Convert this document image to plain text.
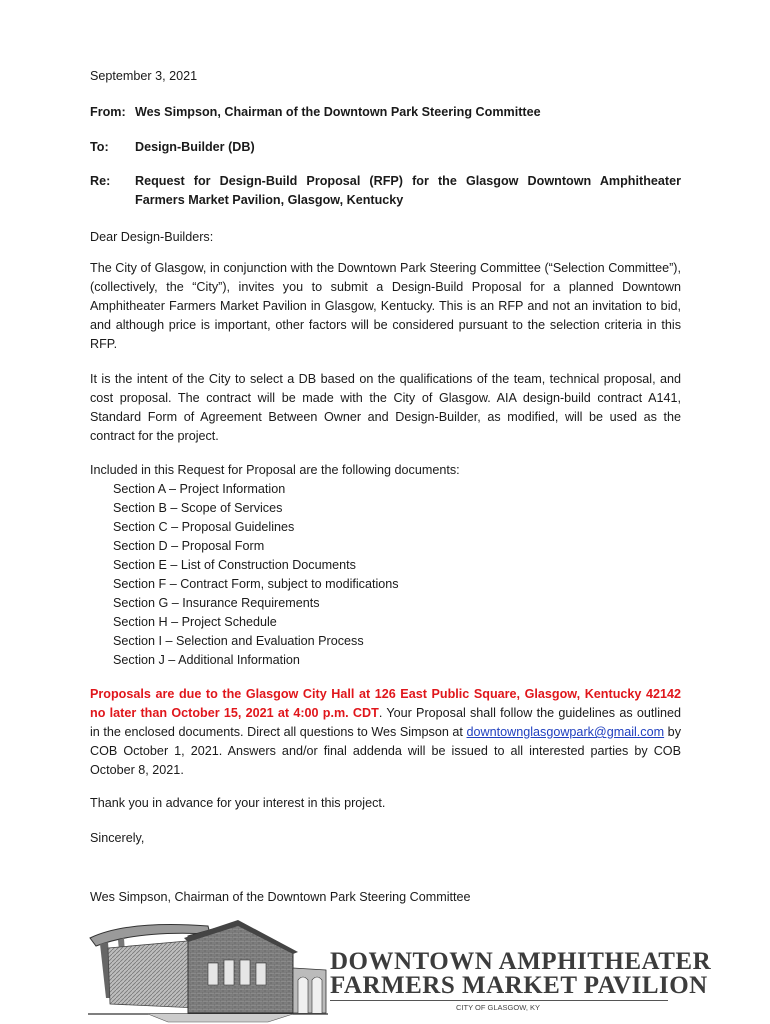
September 3, 2021
From: Wes Simpson, Chairman of the Downtown Park Steering Committee
To:	Design-Builder (DB)
Re:	Request for Design-Build Proposal (RFP) for the Glasgow Downtown Amphitheater Farmers Market Pavilion, Glasgow, Kentucky
Dear Design-Builders:

The City of Glasgow, in conjunction with the Downtown Park Steering Committee (“Selection Committee”), (collectively, the “City”), invites you to submit a Design-Build Proposal for a planned Downtown Amphitheater Farmers Market Pavilion in Glasgow, Kentucky. This is an RFP and not an invitation to bid, and although price is important, other factors will be considered pursuant to the selection criteria in this RFP.

It is the intent of the City to select a DB based on the qualifications of the team, technical proposal, and cost proposal. The contract will be made with the City of Glasgow. AIA design-build contract A141, Standard Form of Agreement Between Owner and Design-Builder, as modified, will be used as the contract for the project.

Included in this Request for Proposal are the following documents:
Section A – Project Information
Section B – Scope of Services
Section C – Proposal Guidelines
Section D – Proposal Form
Section E – List of Construction Documents
Section F – Contract Form, subject to modifications
Section G – Insurance Requirements
Section H – Project Schedule
Section I – Selection and Evaluation Process
Section J – Additional Information

Proposals are due to the Glasgow City Hall at 126 East Public Square, Glasgow, Kentucky 42142 no later than October 15, 2021 at 4:00 p.m. CDT. Your Proposal shall follow the guidelines as outlined in the enclosed documents. Direct all questions to Wes Simpson at downtownglasgowpark@gmail.com by COB October 1, 2021. Answers and/or final addenda will be issued to all interested parties by COB October 8, 2021.

Thank you in advance for your interest in this project.
Sincerely,
Wes Simpson, Chairman of the Downtown Park Steering Committee
DOWNTOWN AMPHITHEATER
FARMERS MARKET PAVILION
CITY OF GLASGOW, KY
